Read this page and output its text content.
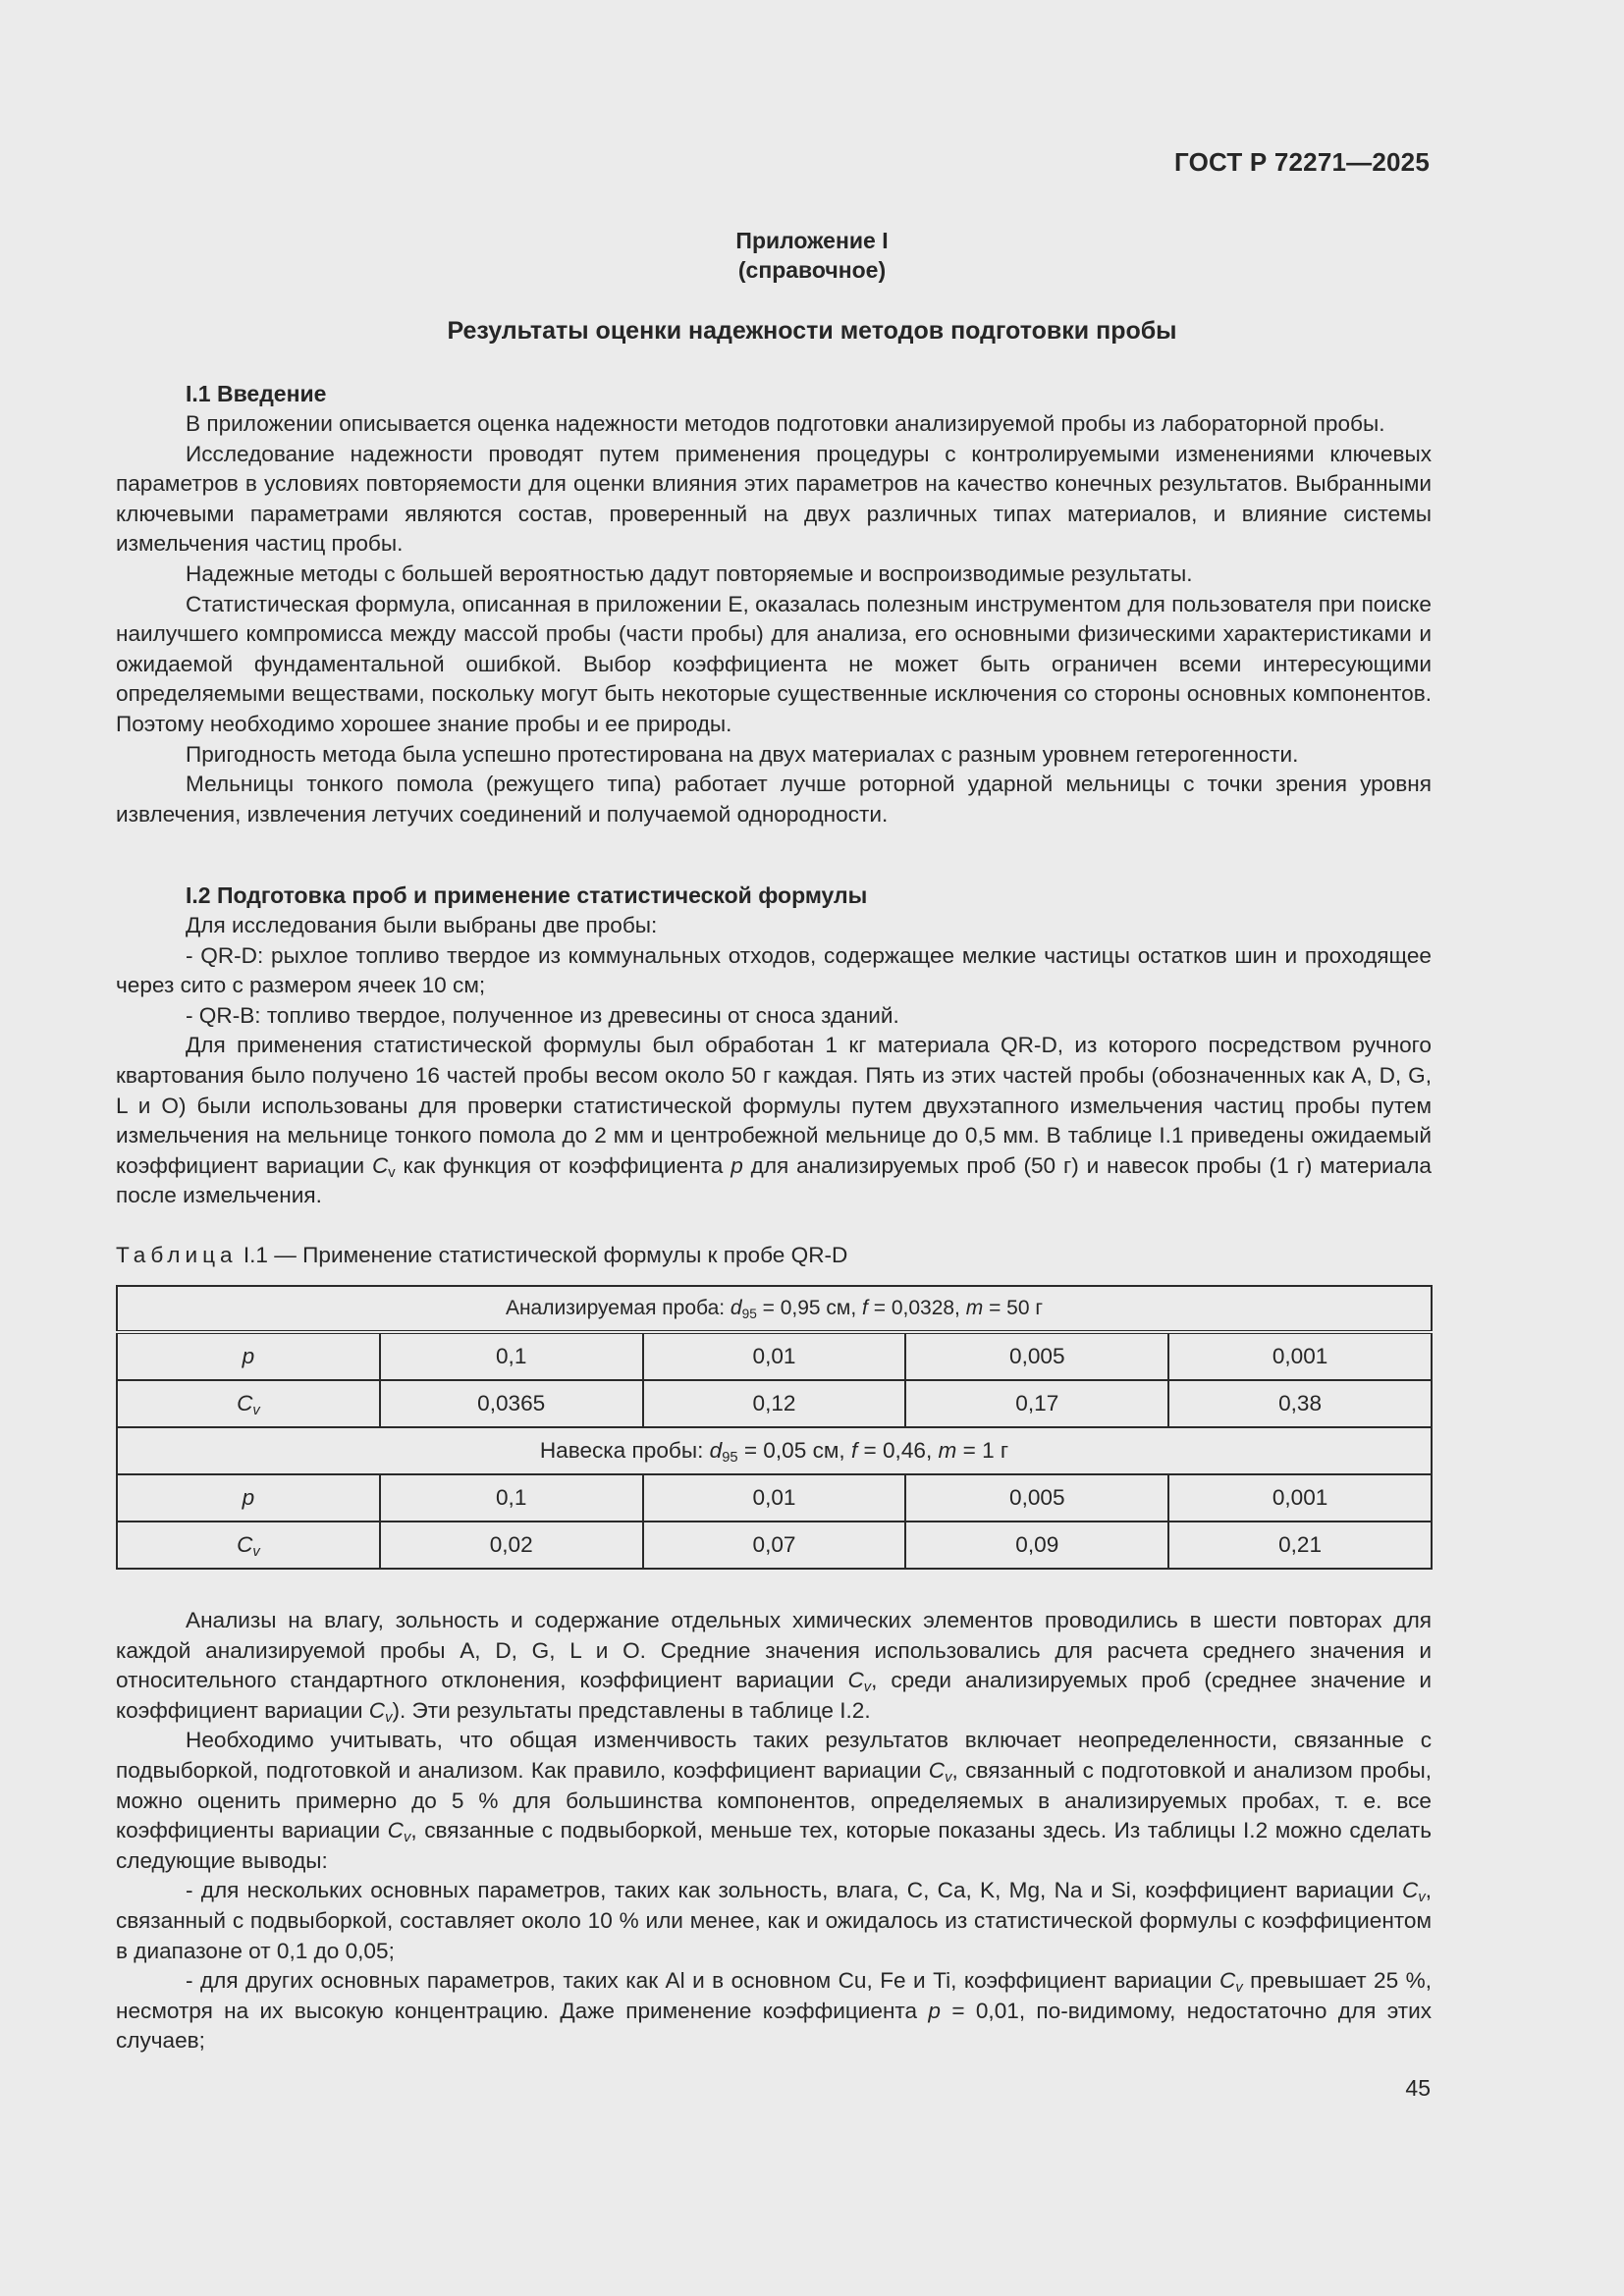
ГОСТ Р 72271—2025
Приложение I
(справочное)
Результаты оценки надежности методов подготовки пробы
I.1 Введение

В приложении описывается оценка надежности методов подготовки анализируемой пробы из лабораторной пробы.

Исследование надежности проводят путем применения процедуры с контролируемыми изменениями ключевых параметров в условиях повторяемости для оценки влияния этих параметров на качество конечных результатов. Выбранными ключевыми параметрами являются состав, проверенный на двух различных типах материалов, и влияние системы измельчения частиц пробы.

Надежные методы с большей вероятностью дадут повторяемые и воспроизводимые результаты.

Статистическая формула, описанная в приложении E, оказалась полезным инструментом для пользователя при поиске наилучшего компромисса между массой пробы (части пробы) для анализа, его основными физическими характеристиками и ожидаемой фундаментальной ошибкой. Выбор коэффициента не может быть ограничен всеми интересующими определяемыми веществами, поскольку могут быть некоторые существенные исключения со стороны основных компонентов. Поэтому необходимо хорошее знание пробы и ее природы.

Пригодность метода была успешно протестирована на двух материалах с разным уровнем гетерогенности.

Мельницы тонкого помола (режущего типа) работает лучше роторной ударной мельницы с точки зрения уровня извлечения, извлечения летучих соединений и получаемой однородности.

I.2 Подготовка проб и применение статистической формулы

Для исследования были выбраны две пробы:

- QR-D: рыхлое топливо твердое из коммунальных отходов, содержащее мелкие частицы остатков шин и проходящее через сито с размером ячеек 10 см;

- QR-B: топливо твердое, полученное из древесины от сноса зданий.

Для применения статистической формулы был обработан 1 кг материала QR-D, из которого посредством ручного квартования было получено 16 частей пробы весом около 50 г каждая. Пять из этих частей пробы (обозначенных как A, D, G, L и O) были использованы для проверки статистической формулы путем двухэтапного измельчения частиц пробы путем измельчения на мельнице тонкого помола до 2 мм и центробежной мельнице до 0,5 мм. В таблице I.1 приведены ожидаемый коэффициент вариации $C_v$ как функция от коэффициента p для анализируемых проб (50 г) и навесок пробы (1 г) материала после измельчения.

Таблица I.1 — Применение статистической формулы к пробе QR-D
Анализируемая проба: $d_{95} = 0,95$ см, f = 0,0328, m = 50 г				
p	0,1	0,01	0,005	0,001
$C_v$	0,0365	0,12	0,17	0,38
Навеска пробы: $d_{95} = 0,05$ см, f = 0,46, m = 1 г				
p	0,1	0,01	0,005	0,001
$C_v$	0,02	0,07	0,09	0,21

Анализы на влагу, зольность и содержание отдельных химических элементов проводились в шести повторах для каждой анализируемой пробы A, D, G, L и O. Средние значения использовались для расчета среднего значения и относительного стандартного отклонения, коэффициент вариации $C_v$, среди анализируемых проб (среднее значение и коэффициент вариации $C_v$). Эти результаты представлены в таблице I.2.

Необходимо учитывать, что общая изменчивость таких результатов включает неопределенности, связанные с подвыборкой, подготовкой и анализом. Как правило, коэффициент вариации $C_v$, связанный с подготовкой и анализом пробы, можно оценить примерно до 5 % для большинства компонентов, определяемых в анализируемых пробах, т. е. все коэффициенты вариации $C_v$, связанные с подвыборкой, меньше тех, которые показаны здесь. Из таблицы I.2 можно сделать следующие выводы:

- для нескольких основных параметров, таких как зольность, влага, C, Ca, K, Mg, Na и Si, коэффициент вариации $C_v$, связанный с подвыборкой, составляет около 10 % или менее, как и ожидалось из статистической формулы с коэффициентом в диапазоне от 0,1 до 0,05;

- для других основных параметров, таких как Al и в основном Cu, Fe и Ti, коэффициент вариации $C_v$ превышает 25 %, несмотря на их высокую концентрацию. Даже применение коэффициента p = 0,01, по-видимому, недостаточно для этих случаев;

45
